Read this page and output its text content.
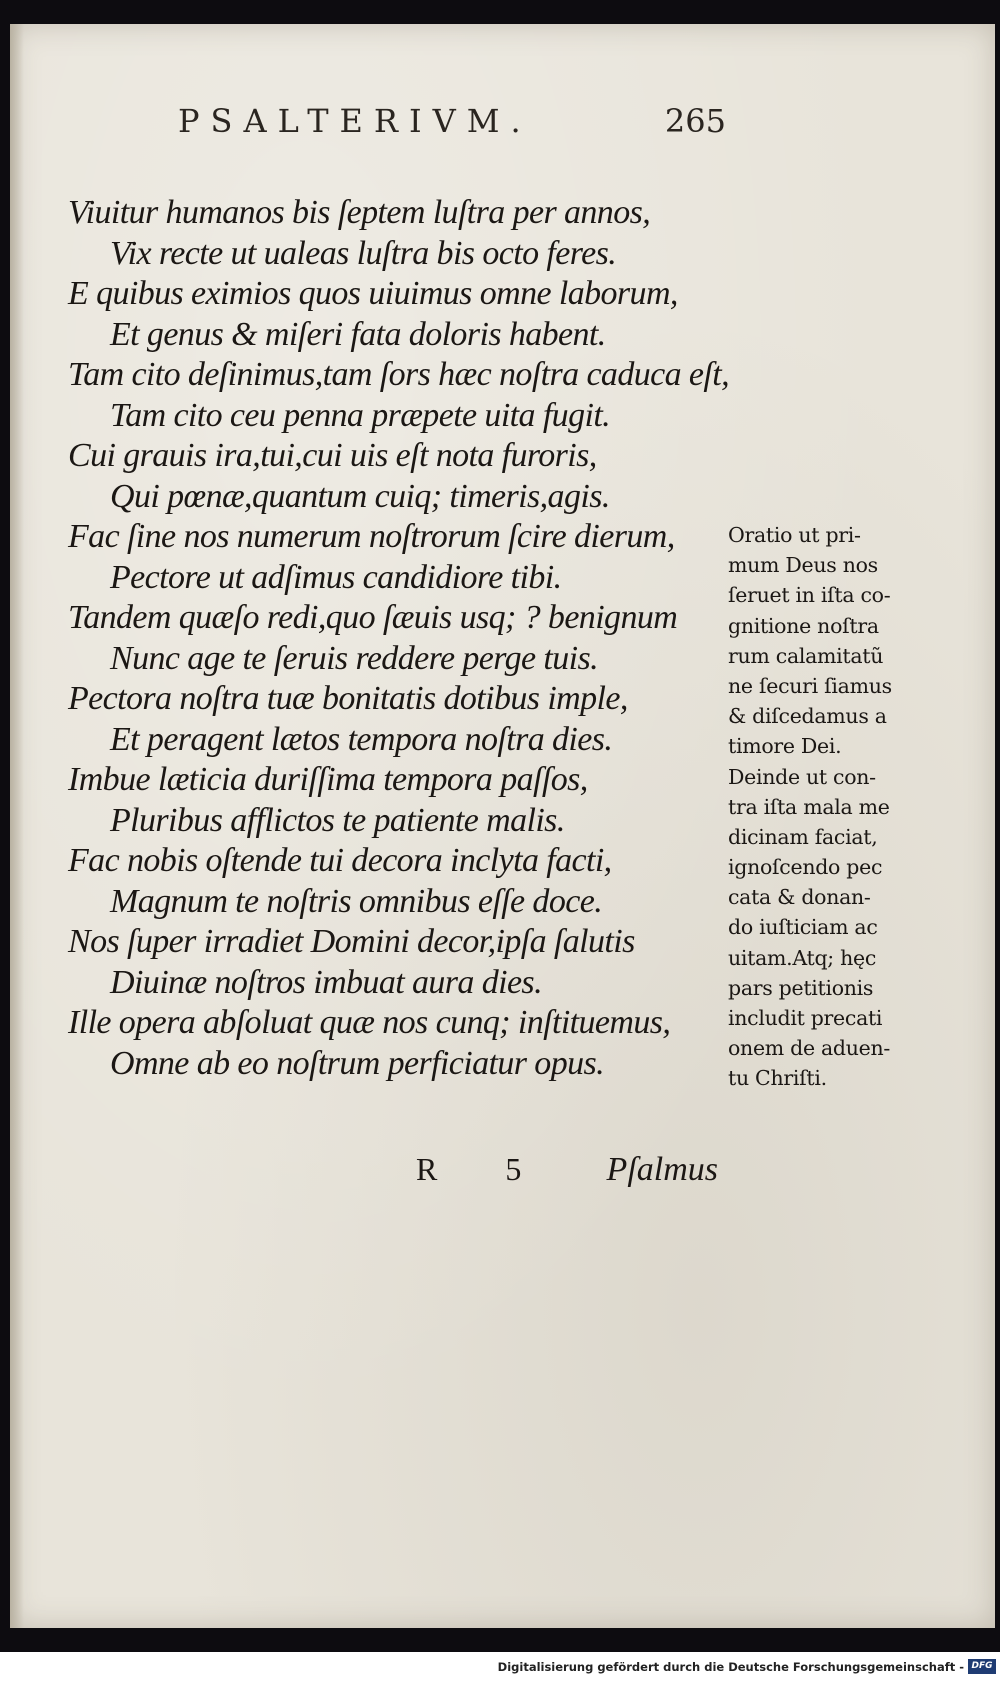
PSALTERIVM.	265
Viuitur humanos bis ſeptem luſtra per annos,
Vix recte ut ualeas luſtra bis octo feres.
E quibus eximios quos uiuimus omne laborum,
Et genus & miſeri fata doloris habent.
Tam cito deſinimus,tam ſors hæc noſtra caduca eſt,
Tam cito ceu penna præpete uita fugit.
Cui grauis ira,tui,cui uis eſt nota furoris,
Qui pœnæ,quantum cuiq; timeris,agis.
Fac ſine nos numerum noſtrorum ſcire dierum,
Pectore ut adſimus candidiore tibi.
Tandem quæſo redi,quo ſæuis usq; ? benignum
Nunc age te ſeruis reddere perge tuis.
Pectora noſtra tuæ bonitatis dotibus imple,
Et peragent lætos tempora noſtra dies.
Imbue læticia duriſſima tempora paſſos,
Pluribus afflictos te patiente malis.
Fac nobis oſtende tui decora inclyta facti,
Magnum te noſtris omnibus eſſe doce.
Nos ſuper irradiet Domini decor,ipſa ſalutis
Diuinæ noſtros imbuat aura dies.
Ille opera abſoluat quæ nos cunq; inſtituemus,
Omne ab eo noſtrum perficiatur opus.
R 5 Pſalmus
Oratio ut pri-
mum Deus nos
ſeruet in iſta co-
gnitione noſtra
rum calamitatũ
ne ſecuri ſiamus
& diſcedamus a
timore Dei.
Deinde ut con-
tra iſta mala me
dicinam faciat,
ignoſcendo pec
cata & donan-
do iuſticiam ac
uitam.Atq; hęc
pars petitionis
includit precati
onem de aduen-
tu Chriſti.
Digitalisierung gefördert durch die Deutsche Forschungsgemeinschaft - DFG
